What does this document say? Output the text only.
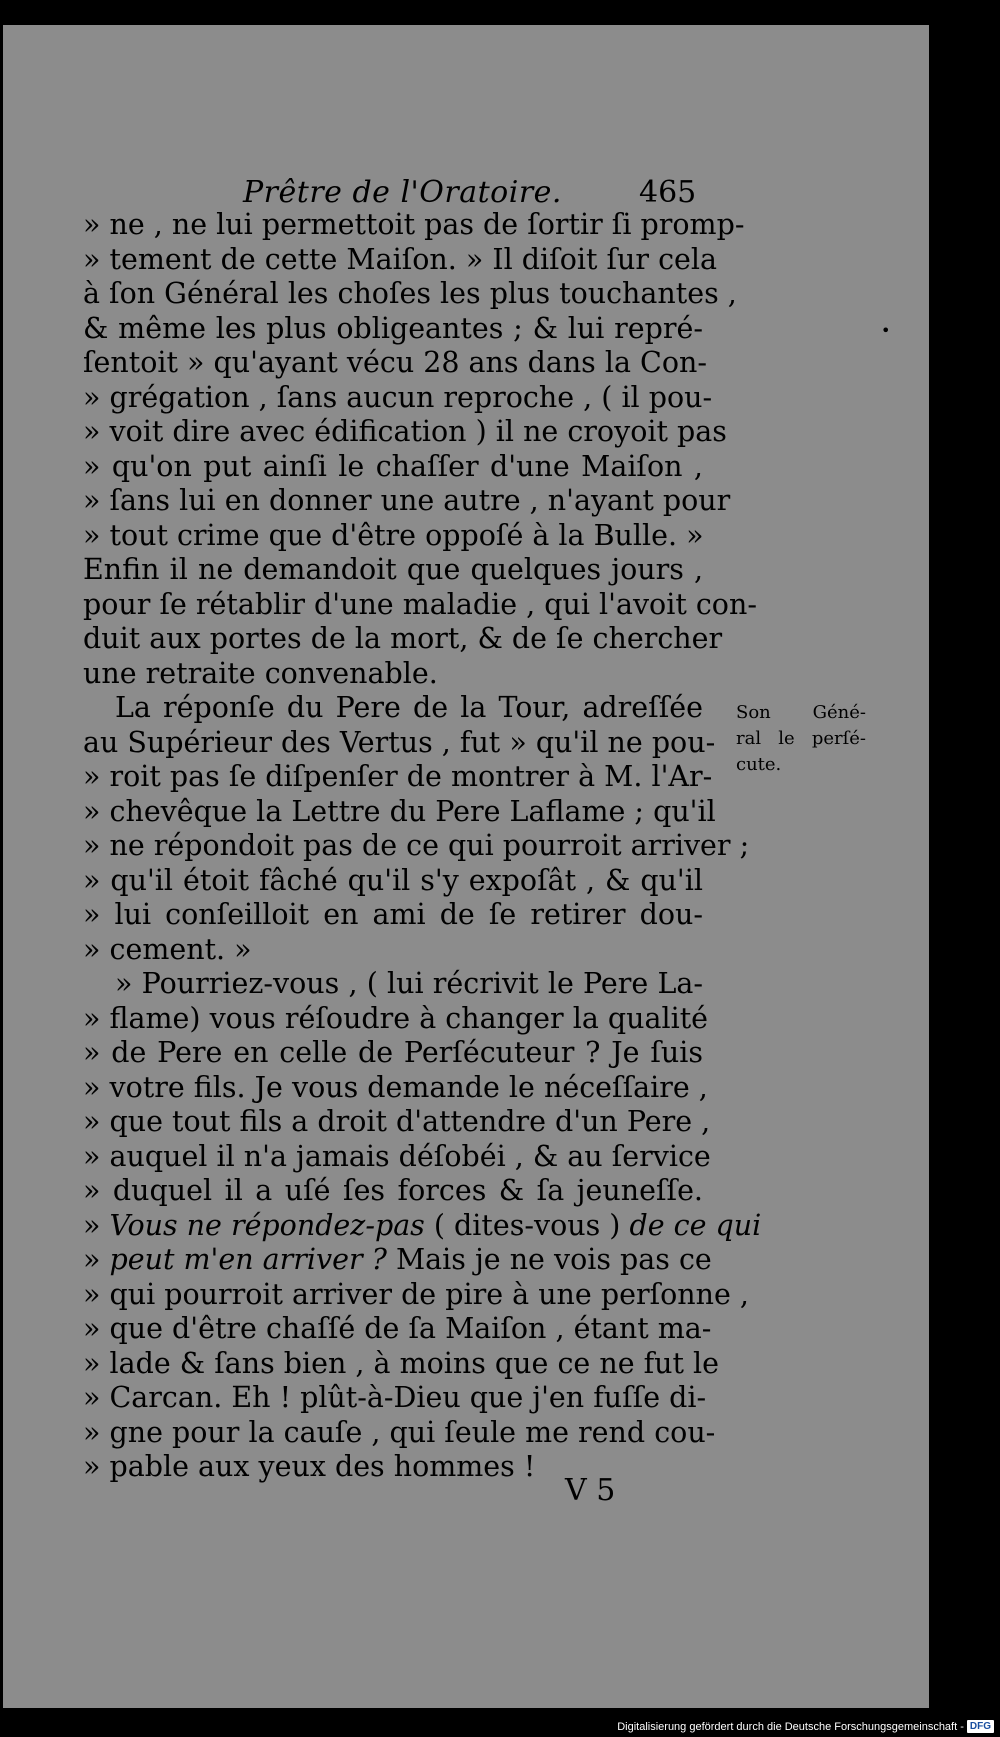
Prêtre de l'Oratoire.	465
» ne , ne lui permettoit pas de ſortir ſi promp-
» tement de cette Maiſon. » Il diſoit ſur cela
à ſon Général les choſes les plus touchantes ,
& même les plus obligeantes ; & lui repré-
ſentoit » qu'ayant vécu 28 ans dans la Con-
» grégation , ſans aucun reproche , ( il pou-
» voit dire avec édification ) il ne croyoit pas
» qu'on put ainſi le chaſſer d'une Maiſon ,
» ſans lui en donner une autre , n'ayant pour
» tout crime que d'être oppoſé à la Bulle. »
Enfin il ne demandoit que quelques jours ,
pour ſe rétablir d'une maladie , qui l'avoit con-
duit aux portes de la mort, & de ſe chercher
une retraite convenable.
La réponſe du Pere de la Tour, adreſſée
au Supérieur des Vertus , fut » qu'il ne pou-
» roit pas ſe diſpenſer de montrer à M. l'Ar-
» chevêque la Lettre du Pere Laflame ; qu'il
» ne répondoit pas de ce qui pourroit arriver ;
» qu'il étoit fâché qu'il s'y expoſât , & qu'il
» lui conſeilloit en ami de ſe retirer dou-
» cement. »
» Pourriez-vous , ( lui récrivit le Pere La-
» flame) vous réſoudre à changer la qualité
» de Pere en celle de Perſécuteur ? Je ſuis
» votre fils. Je vous demande le néceſſaire ,
» que tout fils a droit d'attendre d'un Pere ,
» auquel il n'a jamais déſobéi , & au ſervice
» duquel il a uſé ſes forces & ſa jeuneſſe.
» Vous ne répondez-pas ( dites-vous ) de ce qui
» peut m'en arriver ? Mais je ne vois pas ce
» qui pourroit arriver de pire à une perſonne ,
» que d'être chaſſé de ſa Maiſon , étant ma-
» lade & ſans bien , à moins que ce ne fut le
» Carcan. Eh ! plût-à-Dieu que j'en fuſſe di-
» gne pour la cauſe , qui ſeule me rend cou-
» pable aux yeux des hommes !
Son Géné-
ral le perſé-
cute.
•
V 5
Digitalisierung gefördert durch die Deutsche Forschungsgemeinschaft - DFG
